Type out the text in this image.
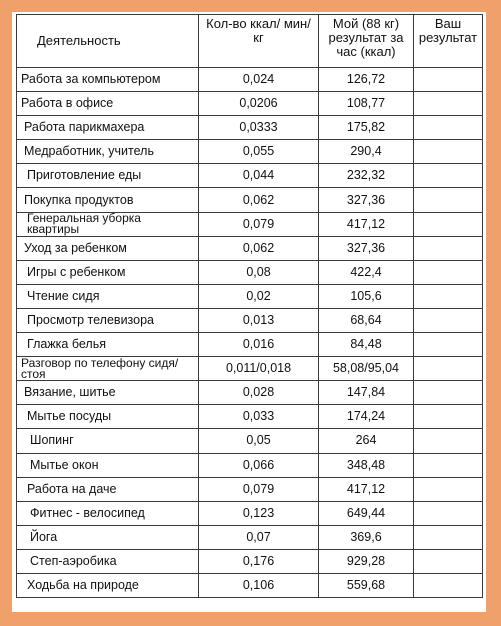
Деятельность	Кол-во ккал/ мин/кг	Мой (88 кг) результат за час (ккал)	Ваш результат
Работа за компьютером	0,024	126,72	
Работа в офисе	0,0206	108,77	
Работа парикмахера	0,0333	175,82	
Медработник, учитель	0,055	290,4	
Приготовление еды	0,044	232,32	
Покупка продуктов	0,062	327,36	
Генеральная уборка квартиры	0,079	417,12	
Уход за ребенком	0,062	327,36	
Игры с ребенком	0,08	422,4	
Чтение сидя	0,02	105,6	
Просмотр телевизора	0,013	68,64	
Глажка белья	0,016	84,48	
Разговор по телефону сидя/стоя	0,011/0,018	58,08/95,04	
Вязание, шитье	0,028	147,84	
Мытье посуды	0,033	174,24	
Шопинг	0,05	264	
Мытье окон	0,066	348,48	
Работа на даче	0,079	417,12	
Фитнес - велосипед	0,123	649,44	
Йога	0,07	369,6	
Степ-аэробика	0,176	929,28	
Ходьба на природе	0,106	559,68	
